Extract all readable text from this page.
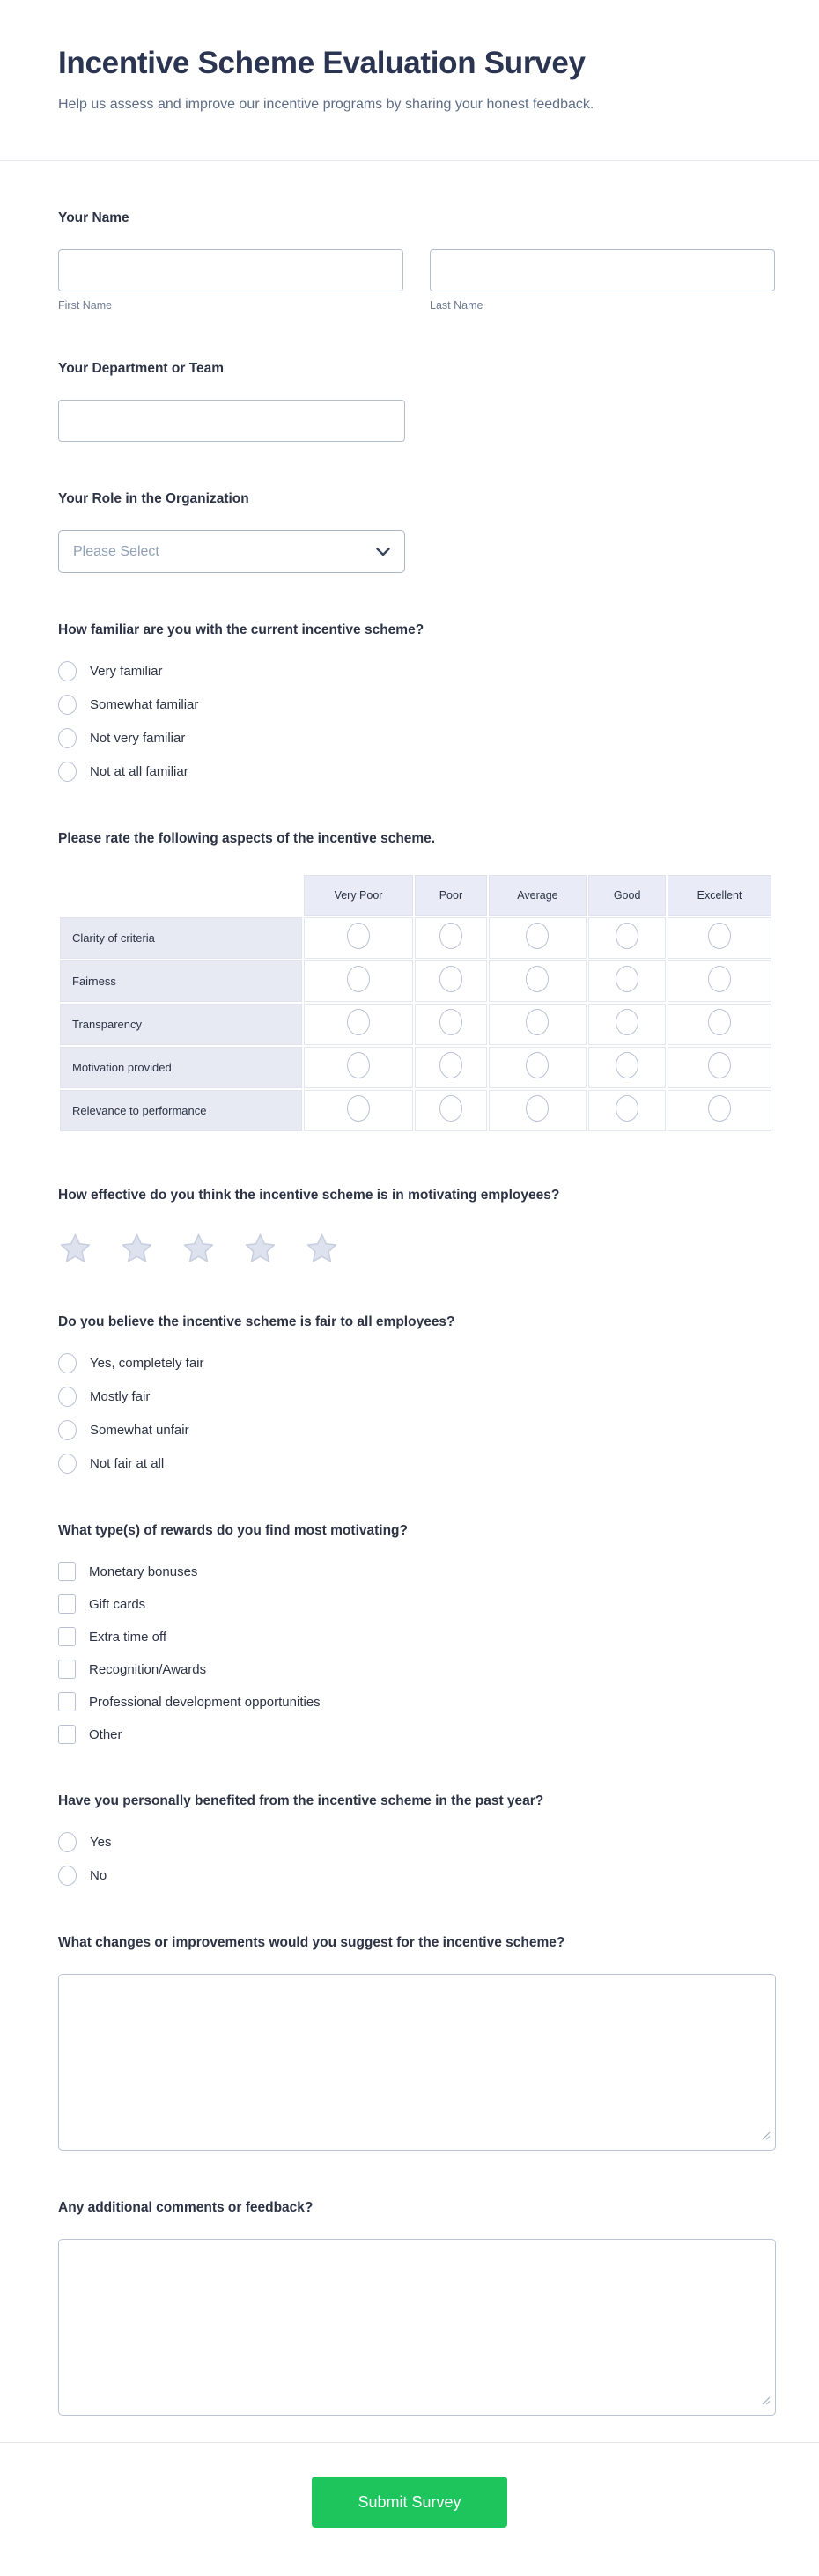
Incentive Scheme Evaluation Survey
Help us assess and improve our incentive programs by sharing your honest feedback.
Your Name
First Name	Last Name
Your Department or Team
Your Role in the Organization
Please Select
How familiar are you with the current incentive scheme?
Very familiar
Somewhat familiar
Not very familiar
Not at all familiar
Please rate the following aspects of the incentive scheme.
	Very Poor	Poor	Average	Good	Excellent
Clarity of criteria					
Fairness					
Transparency					
Motivation provided					
Relevance to performance					
How effective do you think the incentive scheme is in motivating employees?
Do you believe the incentive scheme is fair to all employees?
Yes, completely fair
Mostly fair
Somewhat unfair
Not fair at all
What type(s) of rewards do you find most motivating?
Monetary bonuses
Gift cards
Extra time off
Recognition/Awards
Professional development opportunities
Other
Have you personally benefited from the incentive scheme in the past year?
Yes
No
What changes or improvements would you suggest for the incentive scheme?
Any additional comments or feedback?
Submit Survey
